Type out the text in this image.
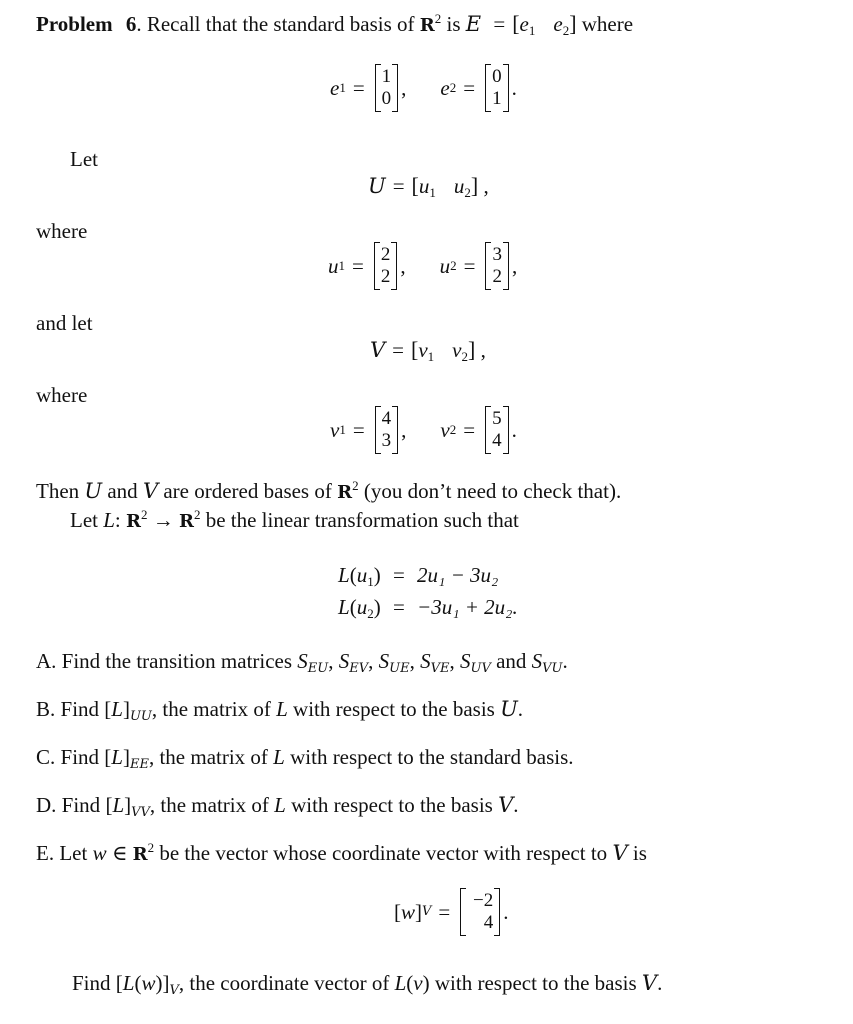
Problem 6. Recall that the standard basis of $R^2$ is $E = [e_1$ $e_2$] where
e 1 = 1
0 , e 2 = 0
1 .
Let
$U = [u_1$ $u_2$] ,
where
u 1 = 2
2 , u 2 = 3
2 ,
and let
$V = [v_1$ $v_2$] ,
where
v 1 = 4
3 , v 2 = 5
4 .
Then U and V are ordered bases of $R^2$ (you don’t need to check that).
Let L: $R^2 \to R^2$ be the linear transformation such that
$L(u_1) = 2u_1 - 3u_2$
$L(u_2) = -3u_1 + 2u_2$.
A. Find the transition matrices $S_{EU}$, $S_{EV}$, $S_{UE}$, $S_{VE}$, $S_{UV}$ and $S_{VU}$.
B. Find $[L]_{UU}$, the matrix of L with respect to the basis U.
C. Find $[L]_{EE}$, the matrix of L with respect to the standard basis.
D. Find $[L]_{VV}$, the matrix of L with respect to the basis V.
E. Let w ∈ $R^2$ be the vector whose coordinate vector with respect to V is
[ w ] V =	−2
4 .
Find $[L(w)]_V$, the coordinate vector of L(v) with respect to the basis V.
